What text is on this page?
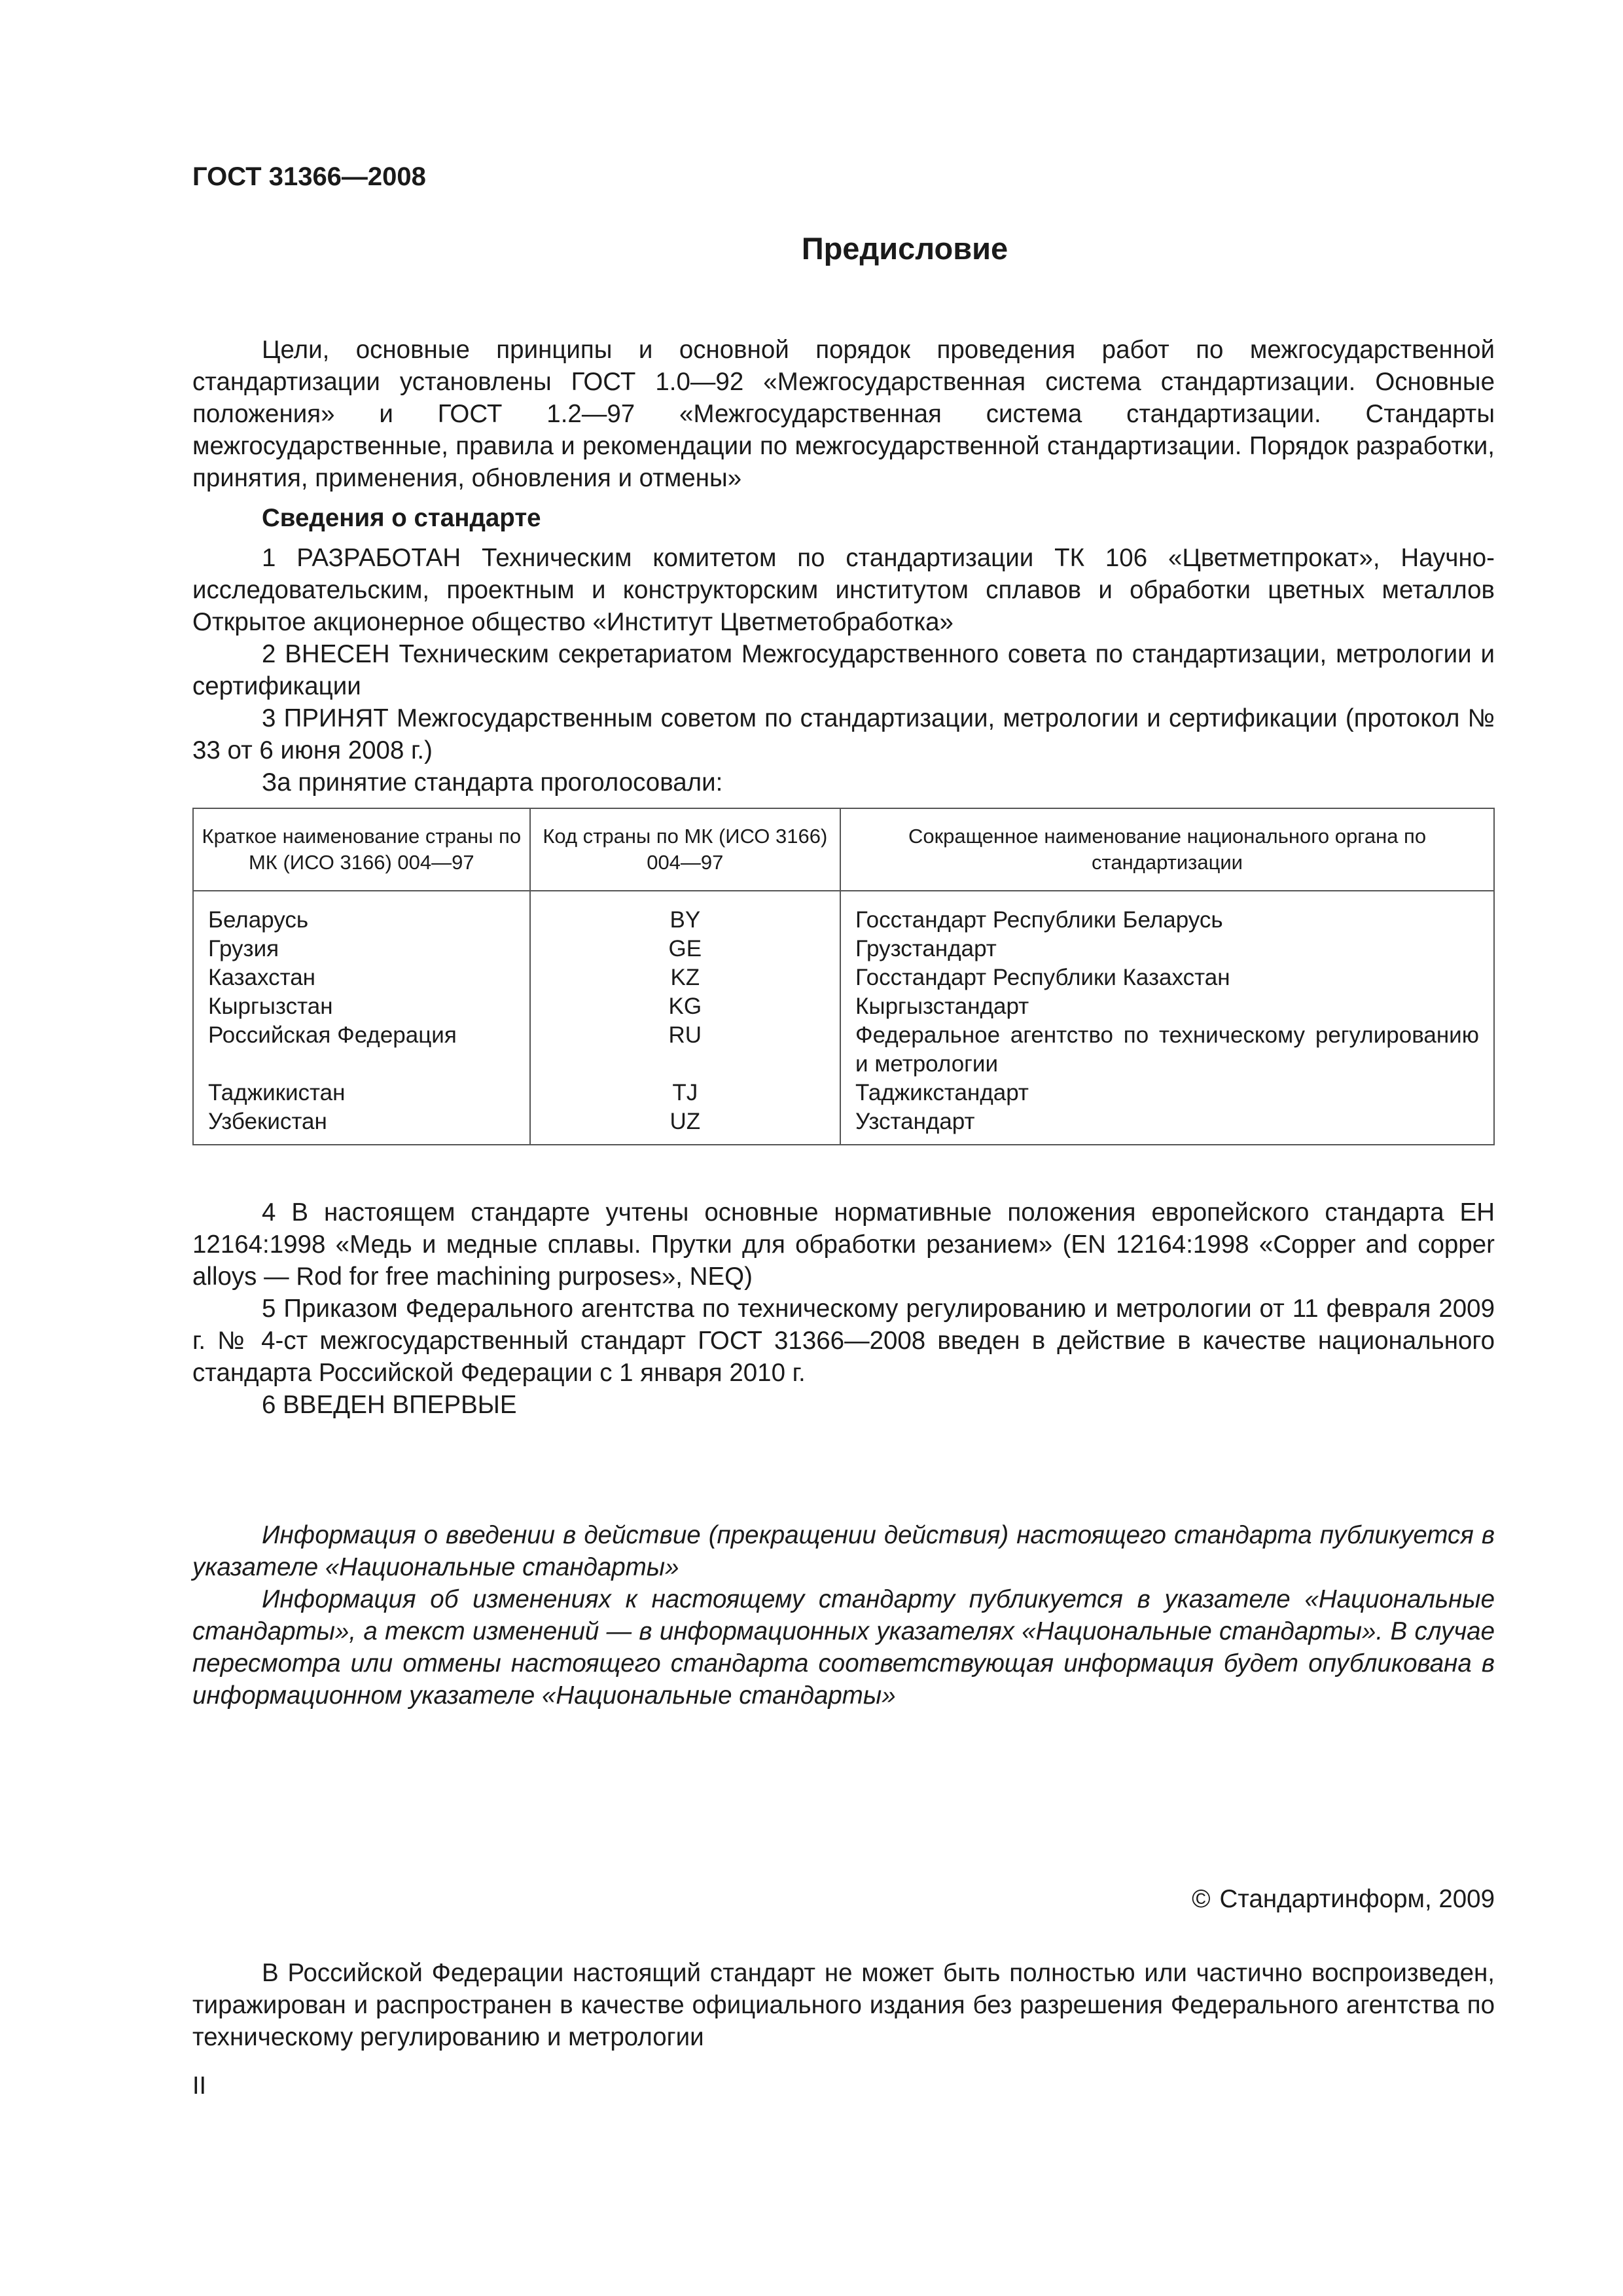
ГОСТ 31366—2008
Предисловие

Цели, основные принципы и основной порядок проведения работ по межгосударственной стандартизации установлены ГОСТ 1.0—92 «Межгосударственная система стандартизации. Основные положения» и ГОСТ 1.2—97 «Межгосударственная система стандартизации. Стандарты межгосударственные, правила и рекомендации по межгосударственной стандартизации. Порядок разработки, принятия, применения, обновления и отмены»

Сведения о стандарте

1 РАЗРАБОТАН Техническим комитетом по стандартизации ТК 106 «Цветметпрокат», Научно-исследовательским, проектным и конструкторским институтом сплавов и обработки цветных металлов Открытое акционерное общество «Институт Цветметобработка»

2 ВНЕСЕН Техническим секретариатом Межгосударственного совета по стандартизации, метрологии и сертификации

3 ПРИНЯТ Межгосударственным советом по стандартизации, метрологии и сертификации (протокол № 33 от 6 июня 2008 г.)

За принятие стандарта проголосовали:

Краткое наименование страны по МК (ИСО 3166) 004—97	Код страны по МК (ИСО 3166) 004—97	Сокращенное наименование национального органа по стандартизации
Беларусь	BY	Госстандарт Республики Беларусь
Грузия	GE	Грузстандарт
Казахстан	KZ	Госстандарт Республики Казахстан
Кыргызстан	KG	Кыргызстандарт
Российская Федерация	RU	Федеральное агентство по техническому регулированию и метрологии
Таджикистан	TJ	Таджикстандарт
Узбекистан	UZ	Узстандарт

4 В настоящем стандарте учтены основные нормативные положения европейского стандарта ЕН 12164:1998 «Медь и медные сплавы. Прутки для обработки резанием» (EN 12164:1998 «Copper and copper alloys — Rod for free machining purposes», NEQ)

5 Приказом Федерального агентства по техническому регулированию и метрологии от 11 февраля 2009 г. № 4-ст межгосударственный стандарт ГОСТ 31366—2008 введен в действие в качестве национального стандарта Российской Федерации с 1 января 2010 г.

6 ВВЕДЕН ВПЕРВЫЕ

Информация о введении в действие (прекращении действия) настоящего стандарта публикуется в указателе «Национальные стандарты»

Информация об изменениях к настоящему стандарту публикуется в указателе «Национальные стандарты», а текст изменений — в информационных указателях «Национальные стандарты». В случае пересмотра или отмены настоящего стандарта соответствующая информация будет опубликована в информационном указателе «Национальные стандарты»

© Стандартинформ, 2009

В Российской Федерации настоящий стандарт не может быть полностью или частично воспроизведен, тиражирован и распространен в качестве официального издания без разрешения Федерального агентства по техническому регулированию и метрологии

II
